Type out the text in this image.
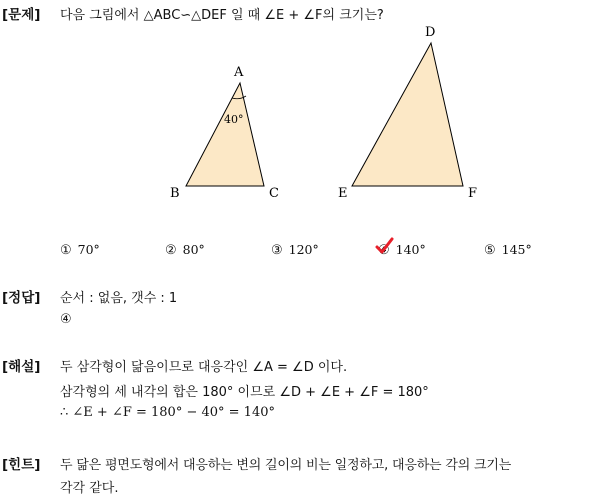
[문제] 다음 그림에서 △ABC∽△DEF 일 때 ∠E + ∠F의 크기는?
A
B	C
40°
D
E	F
① 70°	② 80°	③ 120°	④ 140°	⑤ 145°
[정답] 순서 : 없음, 갯수 : 1
④
[해설] 두 삼각형이 닮음이므로 대응각인 ∠A = ∠D 이다.
삼각형의 세 내각의 합은 180° 이므로 ∠D + ∠E + ∠F = 180°
∴ ∠E + ∠F = 180° − 40° = 140°
[힌트] 두 닮은 평면도형에서 대응하는 변의 길이의 비는 일정하고, 대응하는 각의 크기는
각각 같다.
